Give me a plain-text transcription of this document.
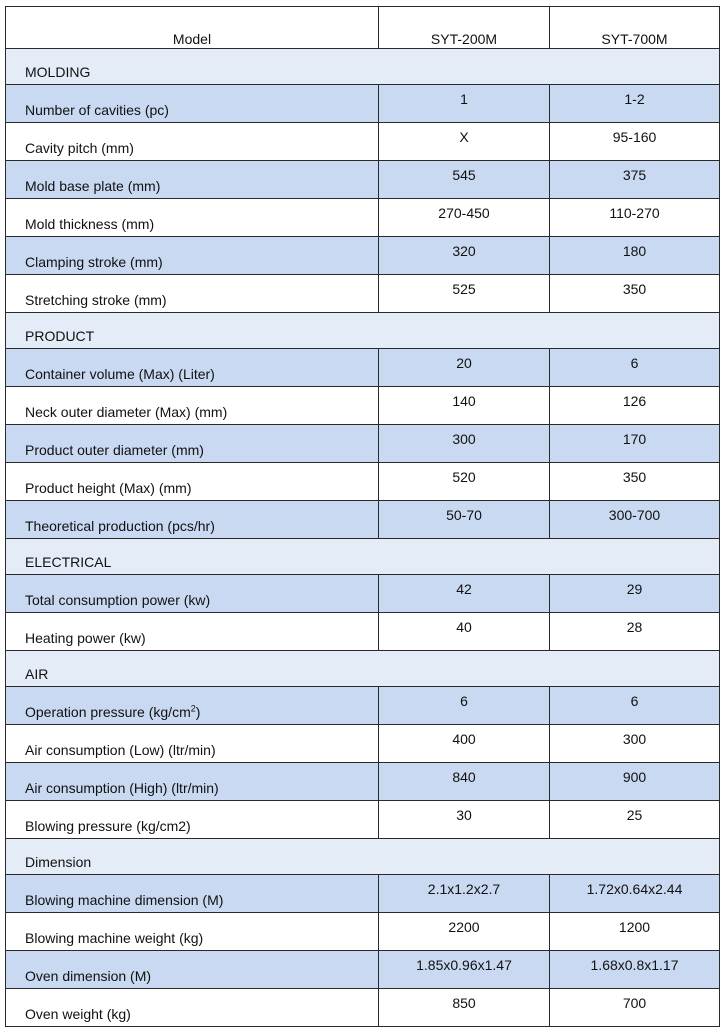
Model	SYT-200M	SYT-700M
MOLDING		
Number of cavities (pc)	1	1-2
Cavity pitch (mm)	X	95-160
Mold base plate (mm)	545	375
Mold thickness (mm)	270-450	110-270
Clamping stroke (mm)	320	180
Stretching stroke (mm)	525	350
PRODUCT		
Container volume (Max) (Liter)	20	6
Neck outer diameter (Max) (mm)	140	126
Product outer diameter (mm)	300	170
Product height (Max) (mm)	520	350
Theoretical production (pcs/hr)	50-70	300-700
ELECTRICAL		
Total consumption power (kw)	42	29
Heating power (kw)	40	28
AIR		
Operation pressure $(kg/cm^2)$	6	6
Air consumption (Low) (ltr/min)	400	300
Air consumption (High) (ltr/min)	840	900
Blowing pressure (kg/cm2)	30	25
Dimension		
Blowing machine dimension (M)	2.1x1.2x2.7	1.72x0.64x2.44
Blowing machine weight (kg)	2200	1200
Oven dimension (M)	1.85x0.96x1.47	1.68x0.8x1.17
Oven weight (kg)	850	700
